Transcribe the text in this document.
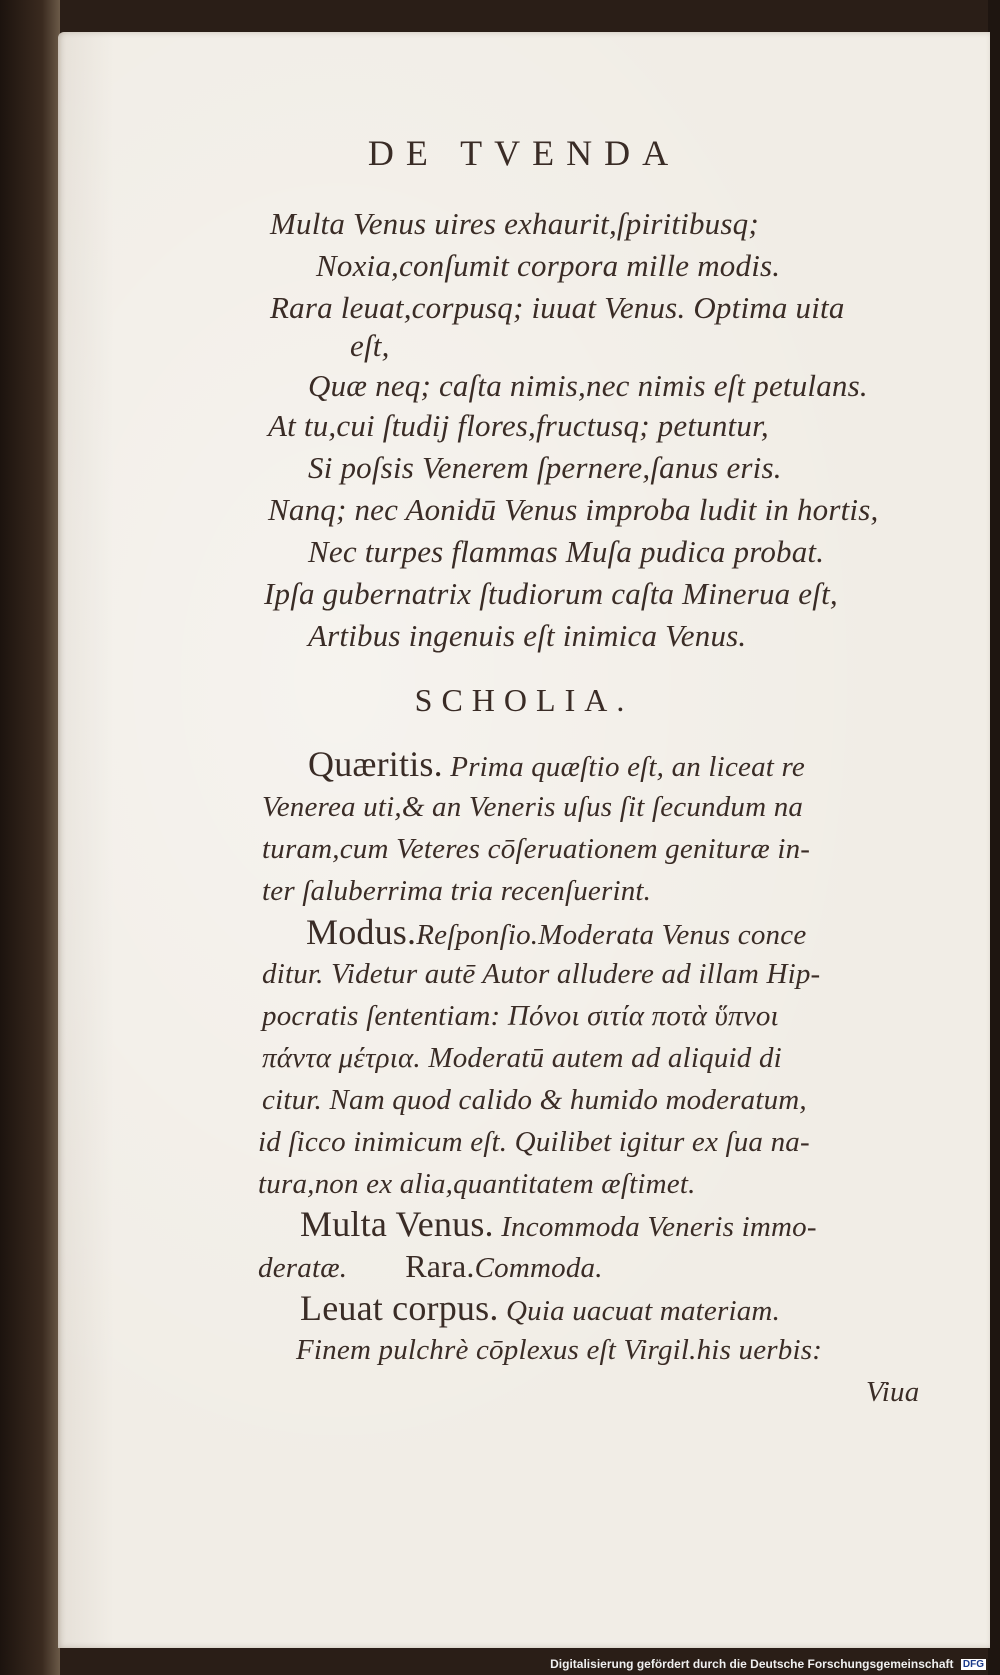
DE TVENDA
Multa Venus uires exhaurit,ſpiritibusq;
Noxia,conſumit corpora mille modis.
Rara leuat,corpusq; iuuat Venus. Optima uita
eſt,
Quæ neq; caſta nimis,nec nimis eſt petulans.
At tu,cui ſtudij flores,fructusq; petuntur,
Si poſsis Venerem ſpernere,ſanus eris.
Nanq; nec Aonidū Venus improba ludit in hortis,
Nec turpes flammas Muſa pudica probat.
Ipſa gubernatrix ſtudiorum caſta Minerua eſt,
Artibus ingenuis eſt inimica Venus.
SCHOLIA.
Quæritis. Prima quæſtio eſt, an liceat re
Venerea uti,& an Veneris uſus ſit ſecundum na
turam,cum Veteres cōſeruationem genituræ in-
ter ſaluberrima tria recenſuerint.
Modus.Reſponſio.Moderata Venus conce
ditur. Videtur autē Autor alludere ad illam Hip-
pocratis ſententiam: Πόνοι σιτία ποτὰ ὕπνοι
πάντα μέτρια. Moderatū autem ad aliquid di
citur. Nam quod calido & humido moderatum,
id ſicco inimicum eſt. Quilibet igitur ex ſua na-
tura,non ex alia,quantitatem æſtimet.
Multa Venus. Incommoda Veneris immo-
deratæ. Rara.Commoda.
Leuat corpus. Quia uacuat materiam.
Finem pulchrè cōplexus eſt Virgil.his uerbis:
Viua
Digitalisierung gefördert durch die Deutsche Forschungsgemeinschaft DFG
